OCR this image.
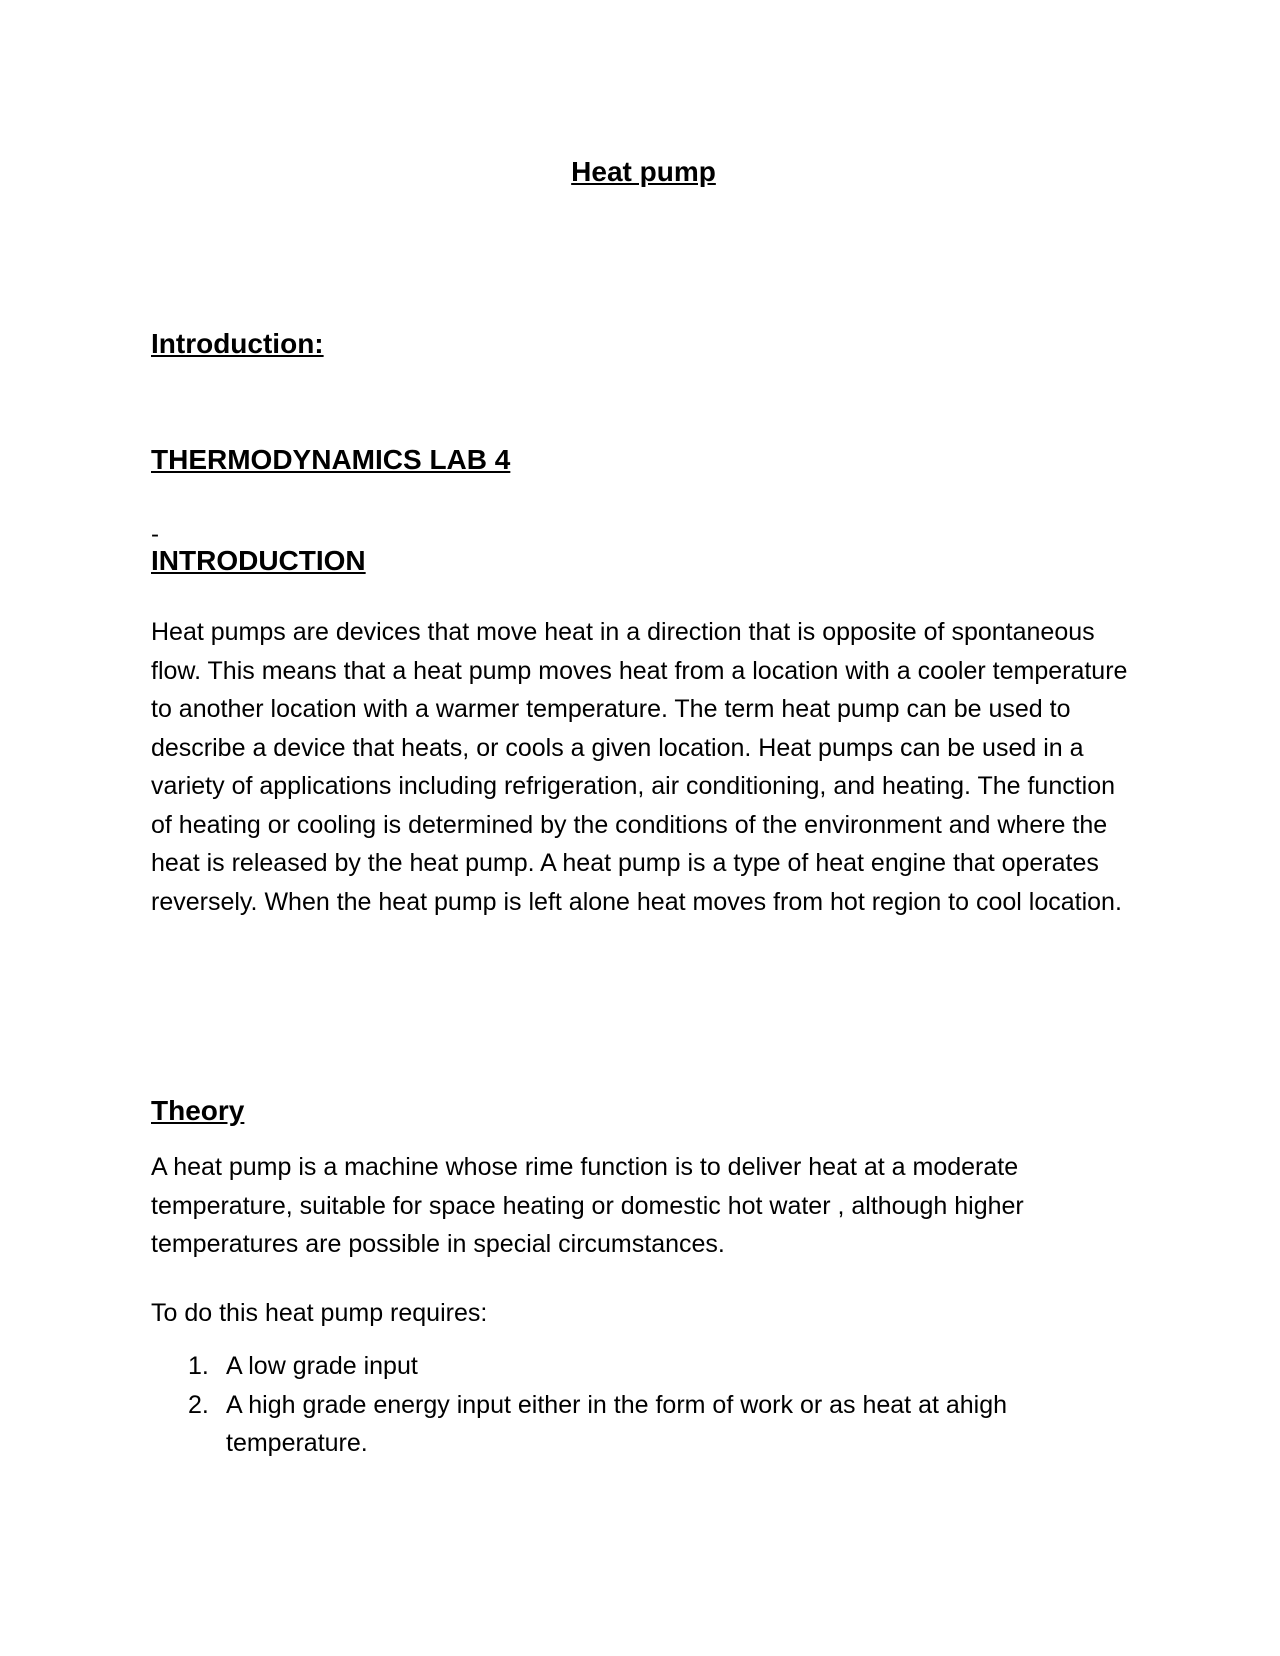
Heat pump
Introduction:
THERMODYNAMICS LAB 4
-
INTRODUCTION

Heat pumps are devices that move heat in a direction that is opposite of spontaneous flow. This means that a heat pump moves heat from a location with a cooler temperature to another location with a warmer temperature. The term heat pump can be used to describe a device that heats, or cools a given location. Heat pumps can be used in a variety of applications including refrigeration, air conditioning, and heating. The function of heating or cooling is determined by the conditions of the environment and where the heat is released by the heat pump. A heat pump is a type of heat engine that operates reversely. When the heat pump is left alone heat moves from hot region to cool location.

Theory

A heat pump is a machine whose rime function is to deliver heat at a moderate temperature, suitable for space heating or domestic hot water , although higher temperatures are possible in special circumstances.

To do this heat pump requires:

1. A low grade input
2. A high grade energy input either in the form of work or as heat at ahigh temperature.
